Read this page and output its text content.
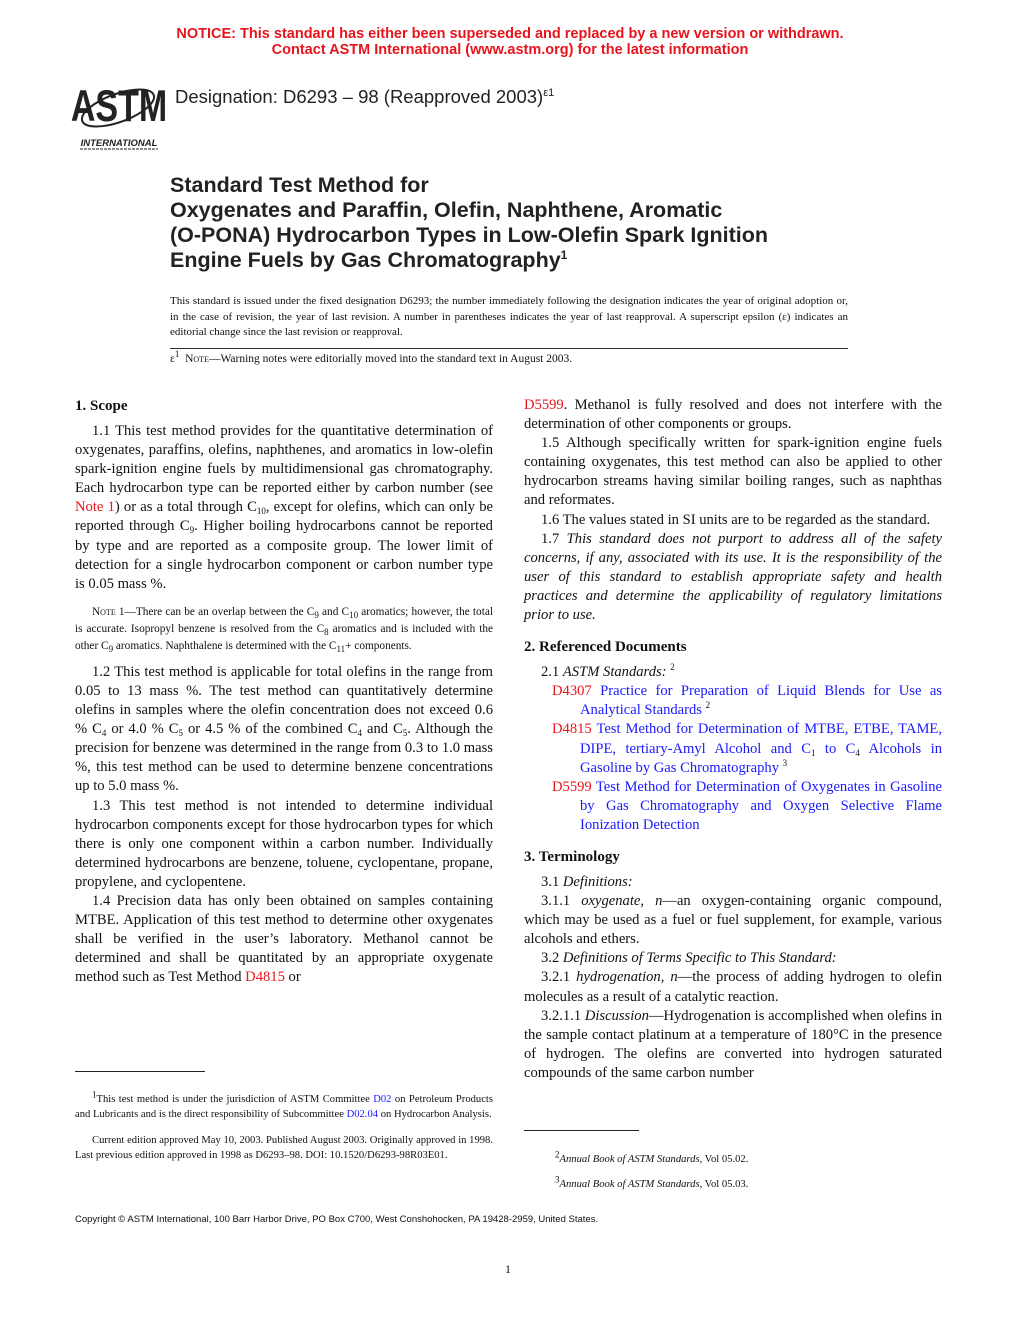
NOTICE: This standard has either been superseded and replaced by a new version or withdrawn.
Contact ASTM International (www.astm.org) for the latest information
ASTM
INTERNATIONAL
Designation: D6293 – 98 (Reapproved 2003)$^{\varepsilon 1}$
Standard Test Method for
Oxygenates and Paraffin, Olefin, Naphthene, Aromatic
(O-PONA) Hydrocarbon Types in Low-Olefin Spark Ignition
Engine Fuels by Gas Chromatography$^1$
This standard is issued under the fixed designation D6293; the number immediately following the designation indicates the year of original adoption or, in the case of revision, the year of last revision. A number in parentheses indicates the year of last reapproval. A superscript epsilon (ε) indicates an editorial change since the last revision or reapproval.
$\varepsilon^1$ Note—Warning notes were editorially moved into the standard text in August 2003.
1. Scope

1.1 This test method provides for the quantitative determination of oxygenates, paraffins, olefins, naphthenes, and aromatics in low-olefin spark-ignition engine fuels by multidimensional gas chromatography. Each hydrocarbon type can be reported either by carbon number (see Note 1) or as a total through $C_{10}$, except for olefins, which can only be reported through $C_9$. Higher boiling hydrocarbons cannot be reported by type and are reported as a composite group. The lower limit of detection for a single hydrocarbon component or carbon number type is 0.05 mass %.

Note 1—There can be an overlap between the $C_9$ and $C_{10}$ aromatics; however, the total is accurate. Isopropyl benzene is resolved from the $C_8$ aromatics and is included with the other $C_9$ aromatics. Naphthalene is determined with the $C_{11}+$ components.

1.2 This test method is applicable for total olefins in the range from 0.05 to 13 mass %. The test method can quantitatively determine olefins in samples where the olefin concentration does not exceed 0.6 % $C_4$ or 4.0 % $C_5$ or 4.5 % of the combined $C_4$ and $C_5$. Although the precision for benzene was determined in the range from 0.3 to 1.0 mass %, this test method can be used to determine benzene concentrations up to 5.0 mass %.

1.3 This test method is not intended to determine individual hydrocarbon components except for those hydrocarbon types for which there is only one component within a carbon number. Individually determined hydrocarbons are benzene, toluene, cyclopentane, propane, propylene, and cyclopentene.

1.4 Precision data has only been obtained on samples containing MTBE. Application of this test method to determine other oxygenates shall be verified in the user’s laboratory. Methanol cannot be determined and shall be quantitated by an appropriate oxygenate method such as Test Method D4815 or

D5599. Methanol is fully resolved and does not interfere with the determination of other components or groups.

1.5 Although specifically written for spark-ignition engine fuels containing oxygenates, this test method can also be applied to other hydrocarbon streams having similar boiling ranges, such as naphthas and reformates.

1.6 The values stated in SI units are to be regarded as the standard.

1.7 This standard does not purport to address all of the safety concerns, if any, associated with its use. It is the responsibility of the user of this standard to establish appropriate safety and health practices and determine the applicability of regulatory limitations prior to use.

2. Referenced Documents

2.1 ASTM Standards: $^2$

D4307 Practice for Preparation of Liquid Blends for Use as Analytical Standards $^2$

D4815 Test Method for Determination of MTBE, ETBE, TAME, DIPE, tertiary-Amyl Alcohol and $C_1$ to $C_4$ Alcohols in Gasoline by Gas Chromatography $^3$

D5599 Test Method for Determination of Oxygenates in Gasoline by Gas Chromatography and Oxygen Selective Flame Ionization Detection

3. Terminology

3.1 Definitions:

3.1.1 oxygenate, n—an oxygen-containing organic compound, which may be used as a fuel or fuel supplement, for example, various alcohols and ethers.

3.2 Definitions of Terms Specific to This Standard:

3.2.1 hydrogenation, n—the process of adding hydrogen to olefin molecules as a result of a catalytic reaction.

3.2.1.1 Discussion—Hydrogenation is accomplished when olefins in the sample contact platinum at a temperature of 180°C in the presence of hydrogen. The olefins are converted into hydrogen saturated compounds of the same carbon number

$^1$This test method is under the jurisdiction of ASTM Committee D02 on Petroleum Products and Lubricants and is the direct responsibility of Subcommittee D02.04 on Hydrocarbon Analysis.

Current edition approved May 10, 2003. Published August 2003. Originally approved in 1998. Last previous edition approved in 1998 as D6293–98. DOI: 10.1520/D6293-98R03E01.	$^2$Annual Book of ASTM Standards, Vol 05.02.

$^3$Annual Book of ASTM Standards, Vol 05.03.

Copyright © ASTM International, 100 Barr Harbor Drive, PO Box C700, West Conshohocken, PA 19428-2959, United States.
1
